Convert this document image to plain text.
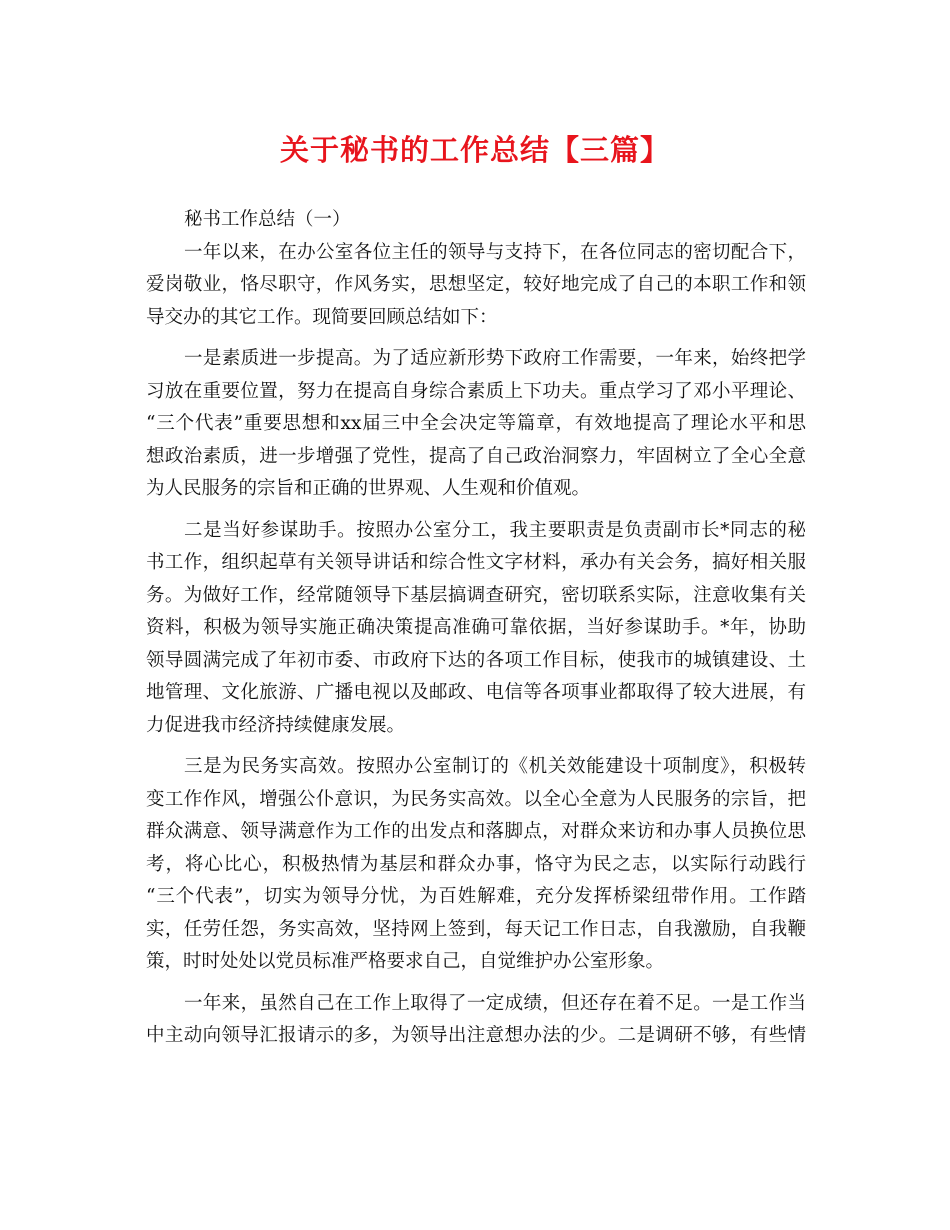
关于秘书的工作总结【三篇】
秘书工作总结（一）
一年以来，在办公室各位主任的领导与支持下，在各位同志的密切配合下，
爱岗敬业，恪尽职守，作风务实，思想坚定，较好地完成了自己的本职工作和领
导交办的其它工作。现简要回顾总结如下：
一是素质进一步提高。为了适应新形势下政府工作需要，一年来，始终把学
习放在重要位置，努力在提高自身综合素质上下功夫。重点学习了邓小平理论、
“三个代表”重要思想和xx届三中全会决定等篇章，有效地提高了理论水平和思
想政治素质，进一步增强了党性，提高了自己政治洞察力，牢固树立了全心全意
为人民服务的宗旨和正确的世界观、人生观和价值观。
二是当好参谋助手。按照办公室分工，我主要职责是负责副市长*同志的秘
书工作，组织起草有关领导讲话和综合性文字材料，承办有关会务，搞好相关服
务。为做好工作，经常随领导下基层搞调查研究，密切联系实际，注意收集有关
资料，积极为领导实施正确决策提高准确可靠依据，当好参谋助手。*年，协助
领导圆满完成了年初市委、市政府下达的各项工作目标，使我市的城镇建设、土
地管理、文化旅游、广播电视以及邮政、电信等各项事业都取得了较大进展，有
力促进我市经济持续健康发展。
三是为民务实高效。按照办公室制订的《机关效能建设十项制度》，积极转
变工作作风，增强公仆意识，为民务实高效。以全心全意为人民服务的宗旨，把
群众满意、领导满意作为工作的出发点和落脚点，对群众来访和办事人员换位思
考，将心比心，积极热情为基层和群众办事，恪守为民之志，以实际行动践行
“三个代表”，切实为领导分忧，为百姓解难，充分发挥桥梁纽带作用。工作踏
实，任劳任怨，务实高效，坚持网上签到，每天记工作日志，自我激励，自我鞭
策，时时处处以党员标准严格要求自己，自觉维护办公室形象。
一年来，虽然自己在工作上取得了一定成绩，但还存在着不足。一是工作当
中主动向领导汇报请示的多，为领导出注意想办法的少。二是调研不够，有些情
